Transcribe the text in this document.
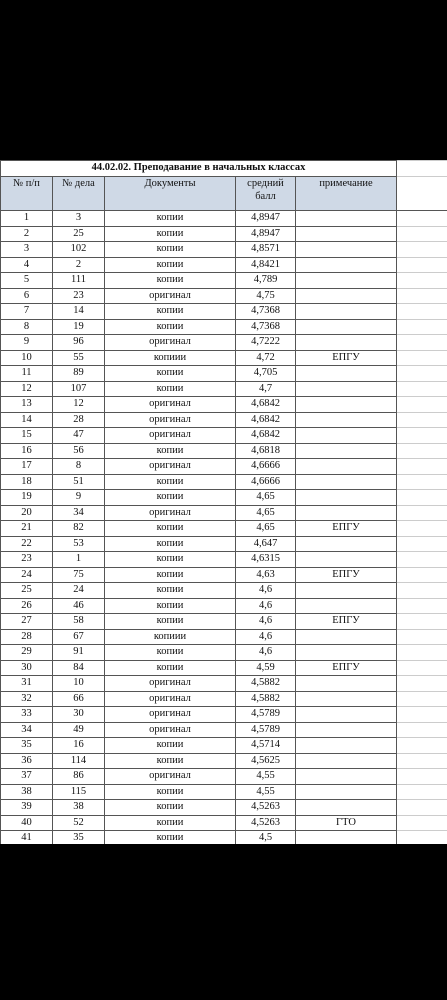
44.02.02. Преподавание в начальных классах					
№ п/п	№ дела	Документы	средний балл	примечание	
1	3	копии	4,8947		
2	25	копии	4,8947		
3	102	копии	4,8571		
4	2	копии	4,8421		
5	111	копии	4,789		
6	23	оригинал	4,75		
7	14	копии	4,7368		
8	19	копии	4,7368		
9	96	оригинал	4,7222		
10	55	копиии	4,72	ЕПГУ	
11	89	копии	4,705		
12	107	копии	4,7		
13	12	оригинал	4,6842		
14	28	оригинал	4,6842		
15	47	оригинал	4,6842		
16	56	копии	4,6818		
17	8	оригинал	4,6666		
18	51	копии	4,6666		
19	9	копии	4,65		
20	34	оригинал	4,65		
21	82	копии	4,65	ЕПГУ	
22	53	копии	4,647		
23	1	копии	4,6315		
24	75	копии	4,63	ЕПГУ	
25	24	копии	4,6		
26	46	копии	4,6		
27	58	копии	4,6	ЕПГУ	
28	67	копиии	4,6		
29	91	копии	4,6		
30	84	копии	4,59	ЕПГУ	
31	10	оригинал	4,5882		
32	66	оригинал	4,5882		
33	30	оригинал	4,5789		
34	49	оригинал	4,5789		
35	16	копии	4,5714		
36	114	копии	4,5625		
37	86	оригинал	4,55		
38	115	копии	4,55		
39	38	копии	4,5263		
40	52	копии	4,5263	ГТО	
41	35	копии	4,5		
